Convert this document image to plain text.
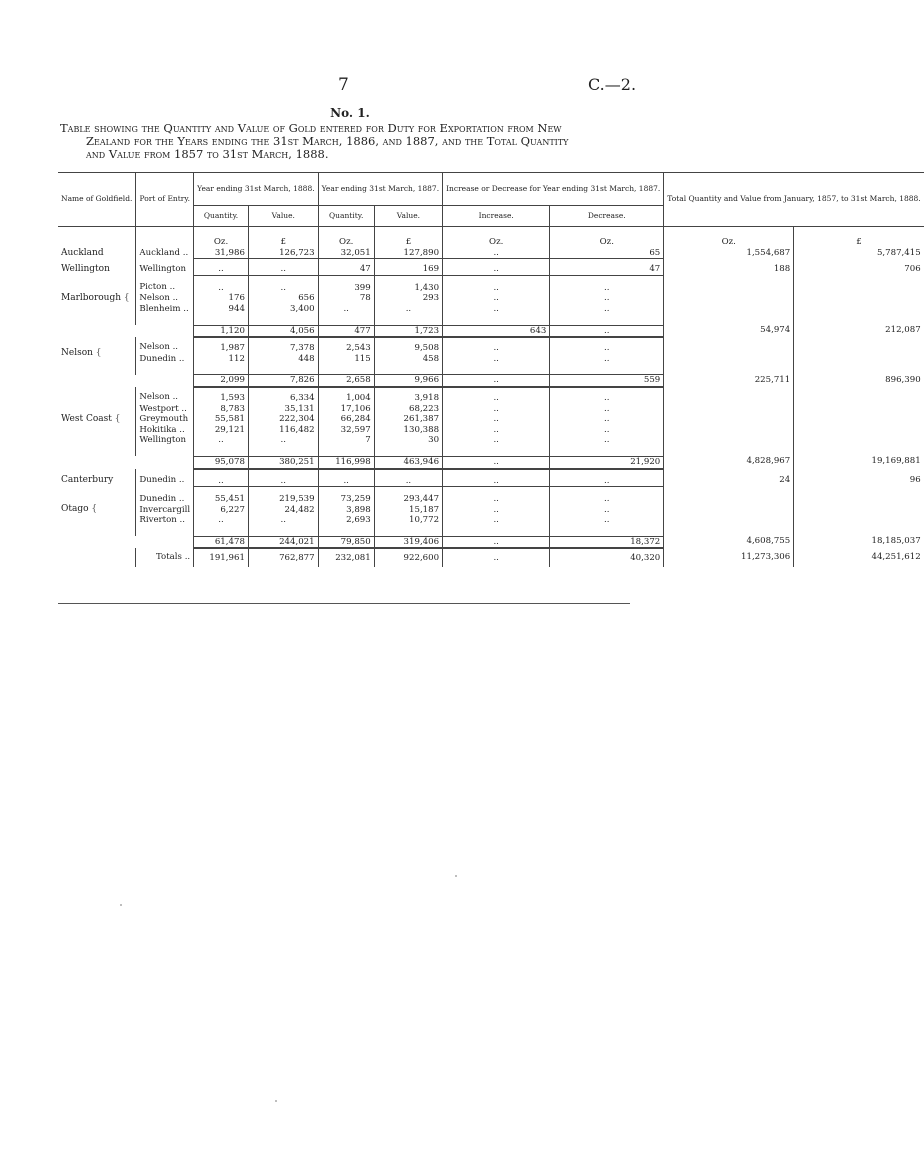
7	C.—2.
No. 1.
Table showing the Quantity and Value of Gold entered for Duty for Exportation from New
Zealand for the Years ending the 31st March, 1886, and 1887, and the Total Quantity
and Value from 1857 to 31st March, 1888.
Name of Goldfield.	Port of Entry.	Year ending 31st March, 1888.		Year ending 31st March, 1887.		Increase or Decrease for Year ending 31st March, 1887.		Total Quantity and Value from January, 1857, to 31st March, 1888.	
		Quantity.	Value.	Quantity.	Value.	Increase.	Decrease.		

		Oz.	£	Oz.	£	Oz.	Oz.	Oz.	£
Auckland	Auckland ..	31,986	126,723	32,051	127,890	..	65	1,554,687	5,787,415
Wellington	Wellington	..	..	47	169	..	47	188	706
Marlborough {	Picton ..	..	..	399	1,430	..	..		
	Nelson ..	176	656	78	293	..	..		
	Blenheim ..	944	3,400	..	..	..	..		

		1,120	4,056	477	1,723	643	..	54,974	212,087
Nelson {	Nelson ..	1,987	7,378	2,543	9,508	..	..		
	Dunedin ..	112	448	115	458	..	..		

		2,099	7,826	2,658	9,966	..	559	225,711	896,390
West Coast {	Nelson ..	1,593	6,334	1,004	3,918	..	..		
	Westport ..	8,783	35,131	17,106	68,223	..	..		
	Greymouth	55,581	222,304	66,284	261,387	..	..		
	Hokitika ..	29,121	116,482	32,597	130,388	..	..		
	Wellington	..	..	7	30	..	..		

		95,078	380,251	116,998	463,946	..	21,920	4,828,967	19,169,881
Canterbury	Dunedin ..	..	..	..	..	..	..	24	96
Otago {	Dunedin ..	55,451	219,539	73,259	293,447	..	..		
	Invercargill	6,227	24,482	3,898	15,187	..	..		
	Riverton ..	..	..	2,693	10,772	..	..		

		61,478	244,021	79,850	319,406	..	18,372	4,608,755	18,185,037
	Totals ..	191,961	762,877	232,081	922,600	..	40,320	11,273,306	44,251,612
